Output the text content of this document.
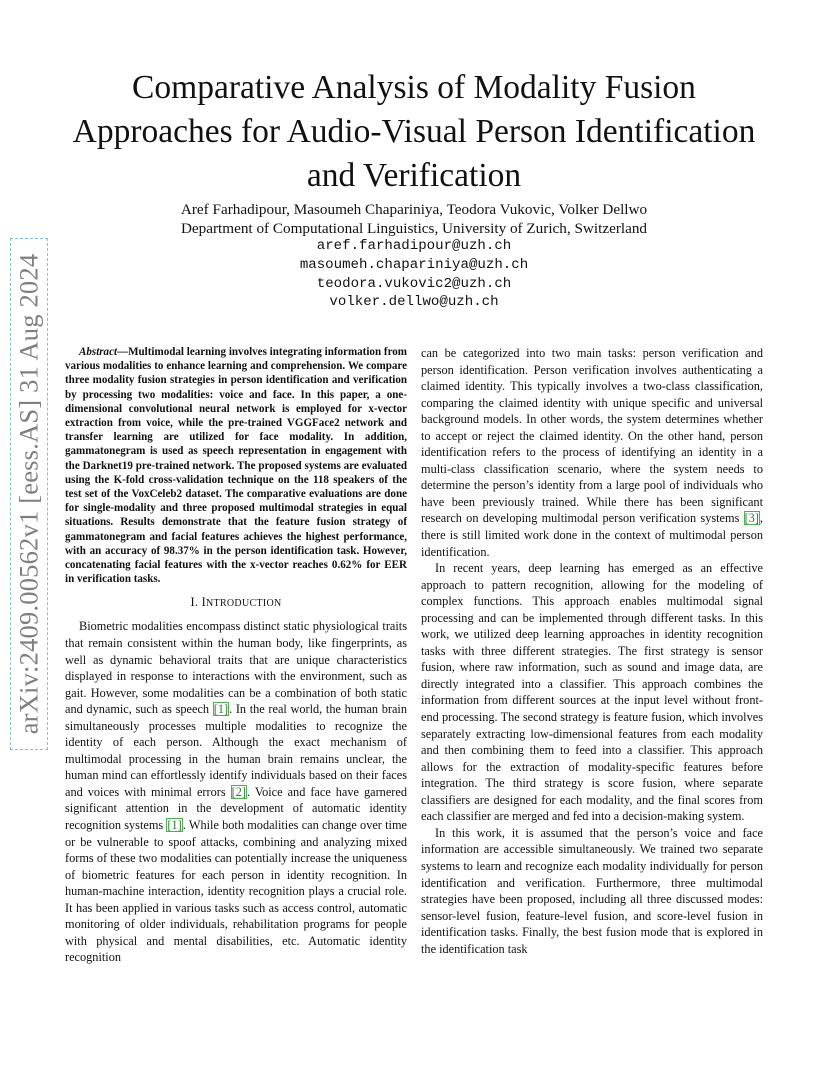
arXiv:2409.00562v1 [eess.AS] 31 Aug 2024
Comparative Analysis of Modality Fusion Approaches for Audio-Visual Person Identification and Verification
Aref Farhadipour, Masoumeh Chapariniya, Teodora Vukovic, Volker Dellwo
Department of Computational Linguistics, University of Zurich, Switzerland
aref.farhadipour@uzh.ch
masoumeh.chapariniya@uzh.ch
teodora.vukovic2@uzh.ch
volker.dellwo@uzh.ch

Abstract—Multimodal learning involves integrating information from various modalities to enhance learning and comprehension. We compare three modality fusion strategies in person identification and verification by processing two modalities: voice and face. In this paper, a one-dimensional convolutional neural network is employed for x-vector extraction from voice, while the pre-trained VGGFace2 network and transfer learning are utilized for face modality. In addition, gammatonegram is used as speech representation in engagement with the Darknet19 pre-trained network. The proposed systems are evaluated using the K-fold cross-validation technique on the 118 speakers of the test set of the VoxCeleb2 dataset. The comparative evaluations are done for single-modality and three proposed multimodal strategies in equal situations. Results demonstrate that the feature fusion strategy of gammatonegram and facial features achieves the highest performance, with an accuracy of 98.37% in the person identification task. However, concatenating facial features with the x-vector reaches 0.62% for EER in verification tasks.

I. INTRODUCTION

Biometric modalities encompass distinct static physiological traits that remain consistent within the human body, like fingerprints, as well as dynamic behavioral traits that are unique characteristics displayed in response to interactions with the environment, such as gait. However, some modalities can be a combination of both static and dynamic, such as speech [1]. In the real world, the human brain simultaneously processes multiple modalities to recognize the identity of each person. Although the exact mechanism of multimodal processing in the human brain remains unclear, the human mind can effortlessly identify individuals based on their faces and voices with minimal errors [2]. Voice and face have garnered significant attention in the development of automatic identity recognition systems [1]. While both modalities can change over time or be vulnerable to spoof attacks, combining and analyzing mixed forms of these two modalities can potentially increase the uniqueness of biometric features for each person in identity recognition. In human-machine interaction, identity recognition plays a crucial role. It has been applied in various tasks such as access control, automatic monitoring of older individuals, rehabilitation programs for people with physical and mental disabilities, etc. Automatic identity recognition

can be categorized into two main tasks: person verification and person identification. Person verification involves authenticating a claimed identity. This typically involves a two-class classification, comparing the claimed identity with unique specific and universal background models. In other words, the system determines whether to accept or reject the claimed identity. On the other hand, person identification refers to the process of identifying an identity in a multi-class classification scenario, where the system needs to determine the person’s identity from a large pool of individuals who have been previously trained. While there has been significant research on developing multimodal person verification systems [3], there is still limited work done in the context of multimodal person identification.

In recent years, deep learning has emerged as an effective approach to pattern recognition, allowing for the modeling of complex functions. This approach enables multimodal signal processing and can be implemented through different tasks. In this work, we utilized deep learning approaches in identity recognition tasks with three different strategies. The first strategy is sensor fusion, where raw information, such as sound and image data, are directly integrated into a classifier. This approach combines the information from different sources at the input level without front-end processing. The second strategy is feature fusion, which involves separately extracting low-dimensional features from each modality and then combining them to feed into a classifier. This approach allows for the extraction of modality-specific features before integration. The third strategy is score fusion, where separate classifiers are designed for each modality, and the final scores from each classifier are merged and fed into a decision-making system.

In this work, it is assumed that the person’s voice and face information are accessible simultaneously. We trained two separate systems to learn and recognize each modality individually for person identification and verification. Furthermore, three multimodal strategies have been proposed, including all three discussed modes: sensor-level fusion, feature-level fusion, and score-level fusion in identification tasks. Finally, the best fusion mode that is explored in the identification task
